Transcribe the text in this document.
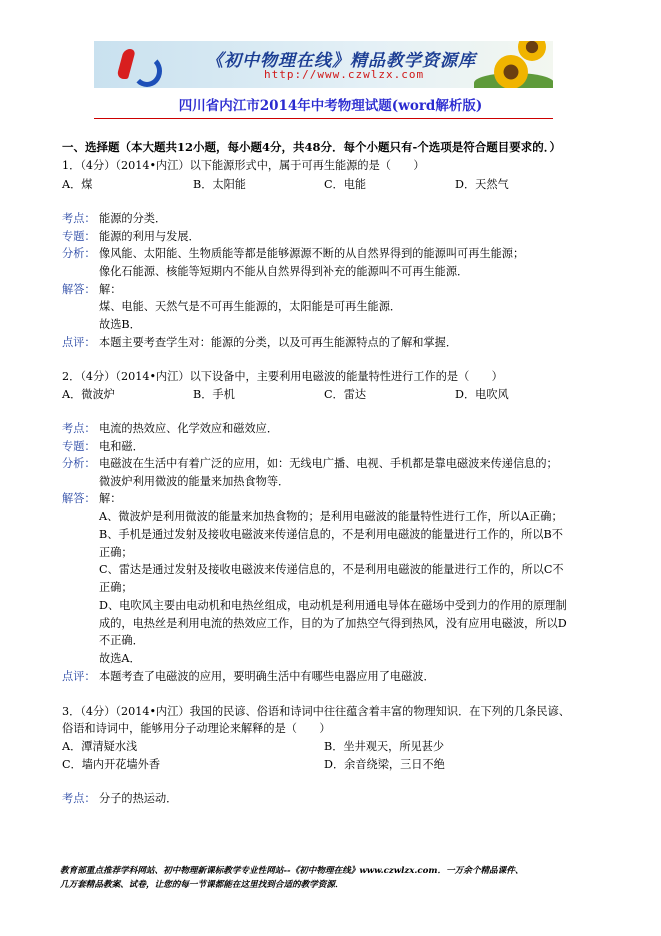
《初中物理在线》精品教学资源库
http://www.czwlzx.com
四川省内江市2014年中考物理试题(word解析版)
一、选择题（本大题共12小题，每小题4分，共48分．每个小题只有-个选项是符合题目要求的．）
1．（4分）（2014•内江）以下能源形式中，属于可再生能源的是（　　）
A．煤	B．太阳能	C．电能	D．天然气
考点： 能源的分类．
专题： 能源的利用与发展．
分析： 像风能、太阳能、生物质能等都是能够源源不断的从自然界得到的能源叫可再生能源；
像化石能源、核能等短期内不能从自然界得到补充的能源叫不可再生能源．
解答： 解：
煤、电能、天然气是不可再生能源的，太阳能是可再生能源．
故选B．
点评： 本题主要考查学生对：能源的分类，以及可再生能源特点的了解和掌握．
2．（4分）（2014•内江）以下设备中，主要利用电磁波的能量特性进行工作的是（　　）
A．微波炉	B．手机	C．雷达	D．电吹风
考点： 电流的热效应、化学效应和磁效应．
专题： 电和磁．
分析： 电磁波在生活中有着广泛的应用，如：无线电广播、电视、手机都是靠电磁波来传递信息的；
微波炉利用微波的能量来加热食物等．
解答： 解：
A、微波炉是利用微波的能量来加热食物的；是利用电磁波的能量特性进行工作，所以A正确；
B、手机是通过发射及接收电磁波来传递信息的，不是利用电磁波的能量进行工作的，所以B不
正确；
C、雷达是通过发射及接收电磁波来传递信息的，不是利用电磁波的能量进行工作的，所以C不
正确；
D、电吹风主要由电动机和电热丝组成，电动机是利用通电导体在磁场中受到力的作用的原理制
成的，电热丝是利用电流的热效应工作，目的为了加热空气得到热风，没有应用电磁波，所以D
不正确．
故选A．
点评： 本题考查了电磁波的应用，要明确生活中有哪些电器应用了电磁波．
3．（4分）（2014•内江）我国的民谚、俗语和诗词中往往蕴含着丰富的物理知识．在下列的几条民谚、
俗语和诗词中，能够用分子动理论来解释的是（　　）
A．潭清疑水浅	B．坐井观天，所见甚少
C．墙内开花墙外香	D．余音绕梁，三日不绝
考点： 分子的热运动．
教育部重点推荐学科网站、初中物理新课标教学专业性网站--《初中物理在线》www.czwlzx.com．一万余个精品课件、
几万套精品教案、试卷，让您的每一节课都能在这里找到合适的教学资源．
